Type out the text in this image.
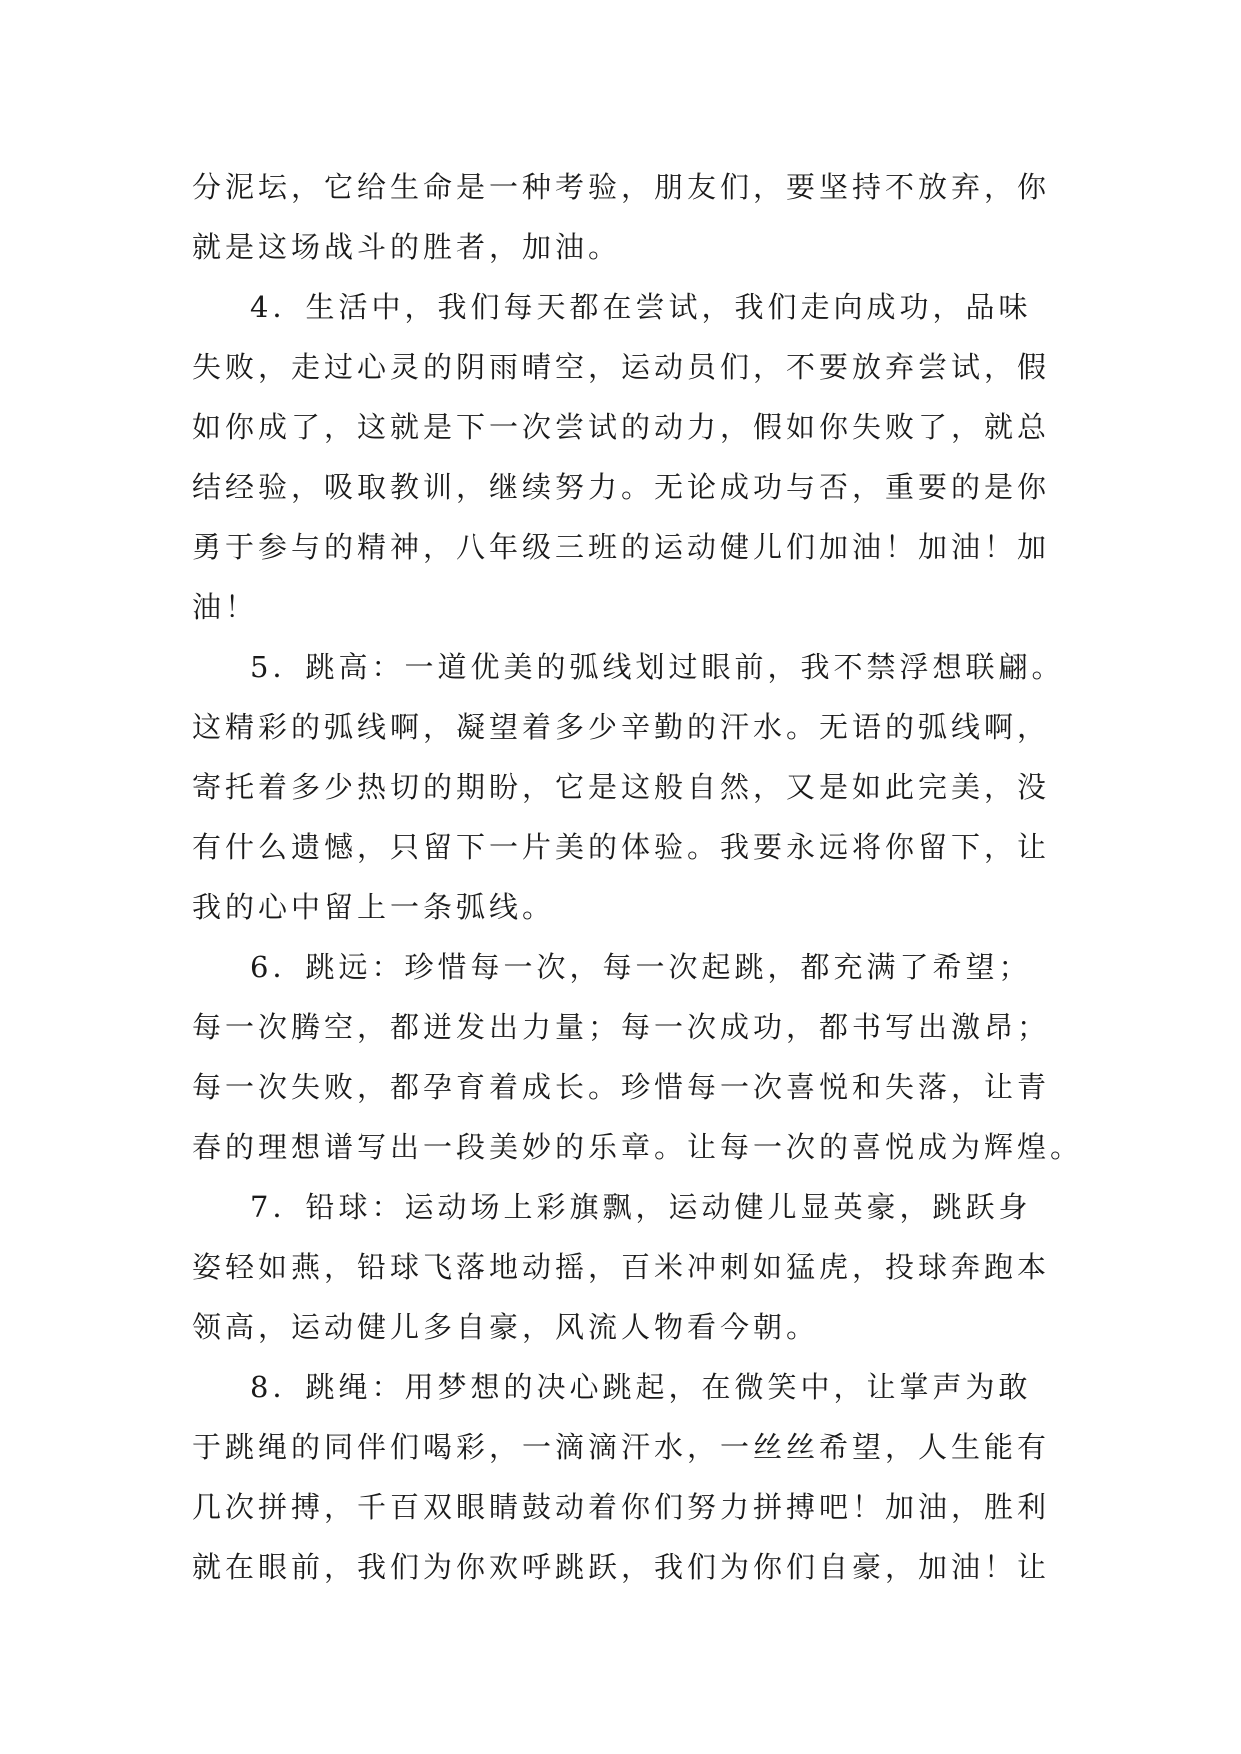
分泥坛，它给生命是一种考验，朋友们，要坚持不放弃，你
就是这场战斗的胜者，加油。
4．生活中，我们每天都在尝试，我们走向成功，品味
失败，走过心灵的阴雨晴空，运动员们，不要放弃尝试，假
如你成了，这就是下一次尝试的动力，假如你失败了，就总
结经验，吸取教训，继续努力。无论成功与否，重要的是你
勇于参与的精神，八年级三班的运动健儿们加油！加油！加
油！
5．跳高：一道优美的弧线划过眼前，我不禁浮想联翩。
这精彩的弧线啊，凝望着多少辛勤的汗水。无语的弧线啊，
寄托着多少热切的期盼，它是这般自然，又是如此完美，没
有什么遗憾，只留下一片美的体验。我要永远将你留下，让
我的心中留上一条弧线。
6．跳远：珍惜每一次，每一次起跳，都充满了希望；
每一次腾空，都迸发出力量；每一次成功，都书写出激昂；
每一次失败，都孕育着成长。珍惜每一次喜悦和失落，让青
春的理想谱写出一段美妙的乐章。让每一次的喜悦成为辉煌。
7．铅球：运动场上彩旗飘，运动健儿显英豪，跳跃身
姿轻如燕，铅球飞落地动摇，百米冲刺如猛虎，投球奔跑本
领高，运动健儿多自豪，风流人物看今朝。
8．跳绳：用梦想的决心跳起，在微笑中，让掌声为敢
于跳绳的同伴们喝彩，一滴滴汗水，一丝丝希望，人生能有
几次拼搏，千百双眼睛鼓动着你们努力拼搏吧！加油，胜利
就在眼前，我们为你欢呼跳跃，我们为你们自豪，加油！让
